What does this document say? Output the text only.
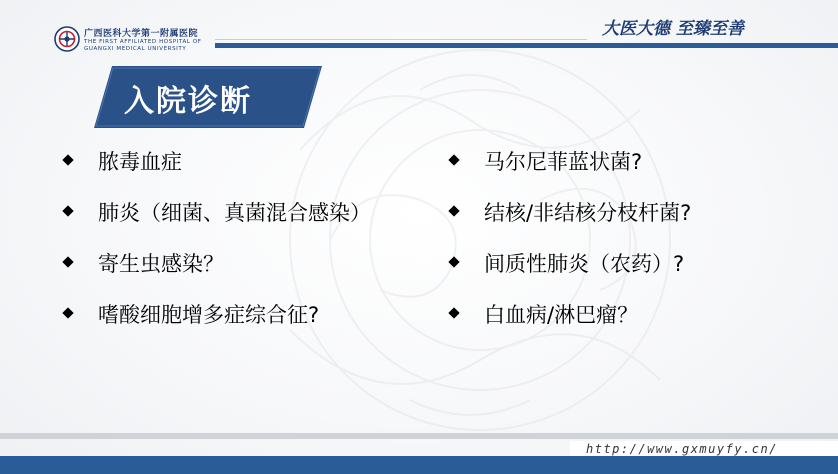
广西医科大学第一附属医院
THE FIRST AFFILIATED HOSPITAL OF
GUANGXI MEDICAL UNIVERSITY
大医大德 至臻至善
入院诊断
脓毒血症
肺炎（细菌、真菌混合感染）
寄生虫感染？
嗜酸细胞增多症综合征?
马尔尼菲蓝状菌?
结核/非结核分枝杆菌?
间质性肺炎（农药）?
白血病/淋巴瘤？
http://www.gxmuyfy.cn/
